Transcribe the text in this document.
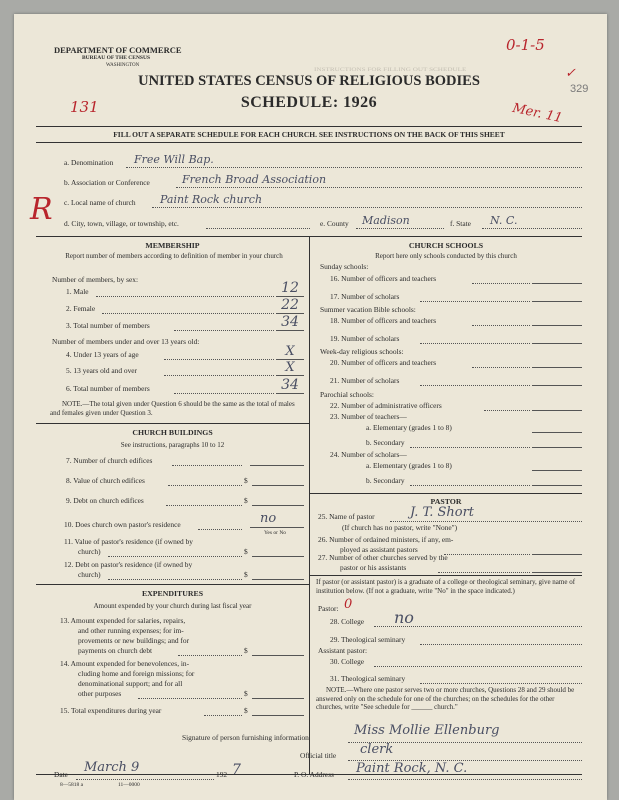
INSTRUCTIONS FOR FILLING OUT SCHEDULE
DEPARTMENT OF COMMERCE
BUREAU OF THE CENSUS
WASHINGTON
UNITED STATES CENSUS OF RELIGIOUS BODIES
SCHEDULE: 1926
FILL OUT A SEPARATE SCHEDULE FOR EACH CHURCH. SEE INSTRUCTIONS ON THE BACK OF THIS SHEET
0-1-5
✓
329
131	Mer. 11
R
a. Denomination Free Will Bap.
b. Association or Conference	French Broad Association
c. Local name of church Paint Rock church
d. City, town, village, or township, etc.	e. County Madison	f. State N. C.
MEMBERSHIP
Report number of members according to definition of member in your church
Number of members, by sex:
1. Male	12
2. Female	22
3. Total number of members	34
Number of members under and over 13 years old:
4. Under 13 years of age	X
5. 13 years old and over	X
6. Total number of members	34
NOTE.—The total given under Question 6 should be the same as the total of males and females given under Question 3.
CHURCH BUILDINGS
See instructions, paragraphs 10 to 12
7. Number of church edifices
8. Value of church edifices	$
9. Debt on church edifices	$
10. Does church own pastor's residence	no
Yes or No
11. Value of pastor's residence (if owned by
church)	$
12. Debt on pastor's residence (if owned by
church)	$
EXPENDITURES
Amount expended by your church during last fiscal year
13. Amount expended for salaries, repairs,
and other running expenses; for im-
provements or new buildings; and for
payments on church debt	$
14. Amount expended for benevolences, in-
cluding home and foreign missions; for
denominational support; and for all
other purposes	$
15. Total expenditures during year	$
CHURCH SCHOOLS
Report here only schools conducted by this church
Sunday schools:
16. Number of officers and teachers
17. Number of scholars
Summer vacation Bible schools:
18. Number of officers and teachers
19. Number of scholars
Week-day religious schools:
20. Number of officers and teachers
21. Number of scholars
Parochial schools:
22. Number of administrative officers
23. Number of teachers—
a. Elementary (grades 1 to 8)
b. Secondary
24. Number of scholars—
a. Elementary (grades 1 to 8)
b. Secondary
PASTOR
25. Name of pastor	J. T. Short
(If church has no pastor, write "None")
26. Number of ordained ministers, if any, em-
ployed as assistant pastors
27. Number of other churches served by the
pastor or his assistants
If pastor (or assistant pastor) is a graduate of a college or theological seminary, give name of institution below. (If not a graduate, write "No" in the space indicated.)
Pastor: 0
28. College no
29. Theological seminary
Assistant pastor:
30. College
31. Theological seminary
NOTE.—Where one pastor serves two or more churches, Questions 28 and 29 should be answered only on the schedule for one of the churches; on the schedules for the other churches, write "See schedule for ______ church."
Signature of person furnishing information	Miss Mollie Ellenburg
Official title clerk
Date March 9	192 7	P. O. Address Paint Rock, N. C.
8—5818 a	11—0000
